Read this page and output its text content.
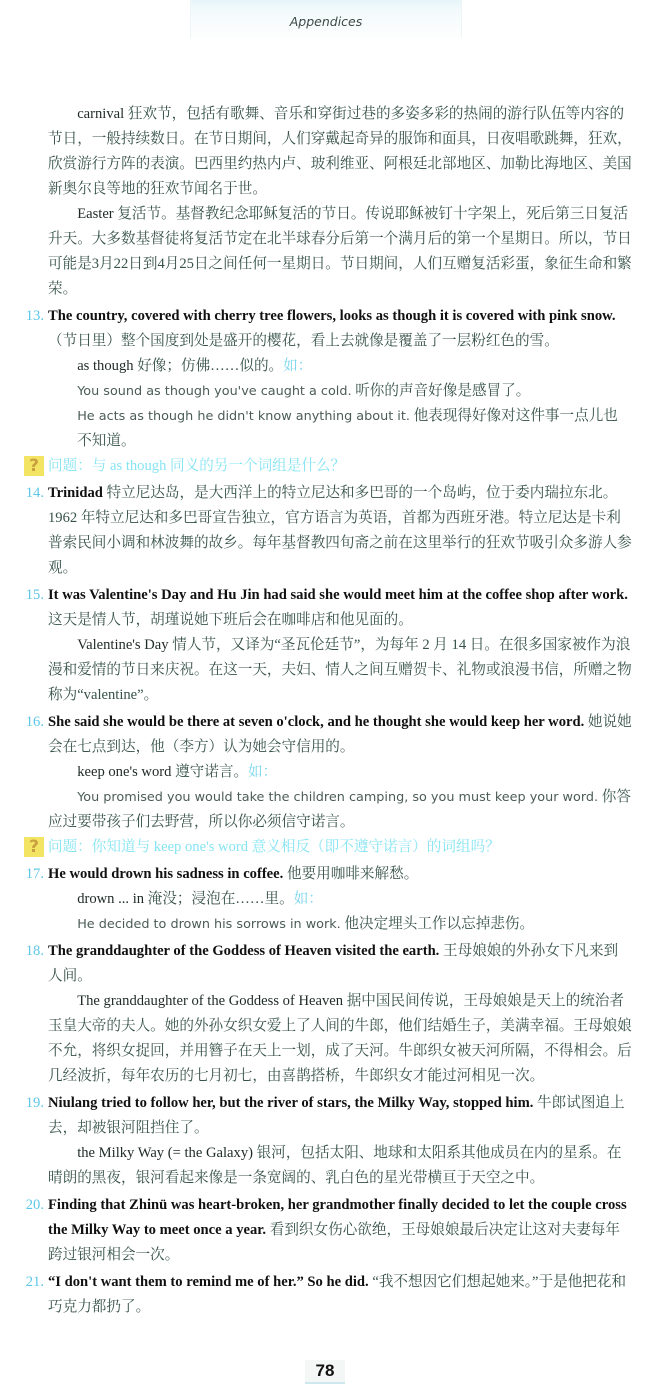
Appendices

carnival 狂欢节，包括有歌舞、音乐和穿街过巷的多姿多彩的热闹的游行队伍等内容的节日，一般持续数日。在节日期间，人们穿戴起奇异的服饰和面具，日夜唱歌跳舞，狂欢，欣赏游行方阵的表演。巴西里约热内卢、玻利维亚、阿根廷北部地区、加勒比海地区、美国新奥尔良等地的狂欢节闻名于世。

Easter 复活节。基督教纪念耶稣复活的节日。传说耶稣被钉十字架上，死后第三日复活升天。大多数基督徒将复活节定在北半球春分后第一个满月后的第一个星期日。所以，节日可能是3月22日到4月25日之间任何一星期日。节日期间，人们互赠复活彩蛋，象征生命和繁荣。

13. The country, covered with cherry tree flowers, looks as though it is covered with pink snow. （节日里）整个国度到处是盛开的樱花，看上去就像是覆盖了一层粉红色的雪。

as though 好像；仿佛……似的。如：

You sound as though you've caught a cold. 听你的声音好像是感冒了。

He acts as though he didn't know anything about it. 他表现得好像对这件事一点儿也不知道。

? 问题：与 as though 同义的另一个词组是什么？

14. Trinidad 特立尼达岛，是大西洋上的特立尼达和多巴哥的一个岛屿，位于委内瑞拉东北。1962 年特立尼达和多巴哥宣告独立，官方语言为英语，首都为西班牙港。特立尼达是卡利普索民间小调和林波舞的故乡。每年基督教四旬斋之前在这里举行的狂欢节吸引众多游人参观。

15. It was Valentine's Day and Hu Jin had said she would meet him at the coffee shop after work. 这天是情人节，胡瑾说她下班后会在咖啡店和他见面的。

Valentine's Day 情人节，又译为“圣瓦伦廷节”，为每年 2 月 14 日。在很多国家被作为浪漫和爱情的节日来庆祝。在这一天，夫妇、情人之间互赠贺卡、礼物或浪漫书信，所赠之物称为“valentine”。

16. She said she would be there at seven o'clock, and he thought she would keep her word. 她说她会在七点到达，他（李方）认为她会守信用的。

keep one's word 遵守诺言。如：

You promised you would take the children camping, so you must keep your word. 你答应过要带孩子们去野营，所以你必须信守诺言。

? 问题：你知道与 keep one's word 意义相反（即不遵守诺言）的词组吗？

17. He would drown his sadness in coffee. 他要用咖啡来解愁。

drown ... in 淹没；浸泡在……里。如：

He decided to drown his sorrows in work. 他决定埋头工作以忘掉悲伤。

18. The granddaughter of the Goddess of Heaven visited the earth. 王母娘娘的外孙女下凡来到人间。

The granddaughter of the Goddess of Heaven 据中国民间传说，王母娘娘是天上的统治者玉皇大帝的夫人。她的外孙女织女爱上了人间的牛郎，他们结婚生子，美满幸福。王母娘娘不允，将织女捉回，并用簪子在天上一划，成了天河。牛郎织女被天河所隔，不得相会。后几经波折，每年农历的七月初七，由喜鹊搭桥，牛郎织女才能过河相见一次。

19. Niulang tried to follow her, but the river of stars, the Milky Way, stopped him. 牛郎试图追上去，却被银河阻挡住了。

the Milky Way (= the Galaxy) 银河，包括太阳、地球和太阳系其他成员在内的星系。在晴朗的黑夜，银河看起来像是一条宽阔的、乳白色的星光带横亘于天空之中。

20. Finding that Zhinü was heart-broken, her grandmother finally decided to let the couple cross the Milky Way to meet once a year. 看到织女伤心欲绝，王母娘娘最后决定让这对夫妻每年跨过银河相会一次。

21. “I don't want them to remind me of her.” So he did. “我不想因它们想起她来。”于是他把花和巧克力都扔了。

78
